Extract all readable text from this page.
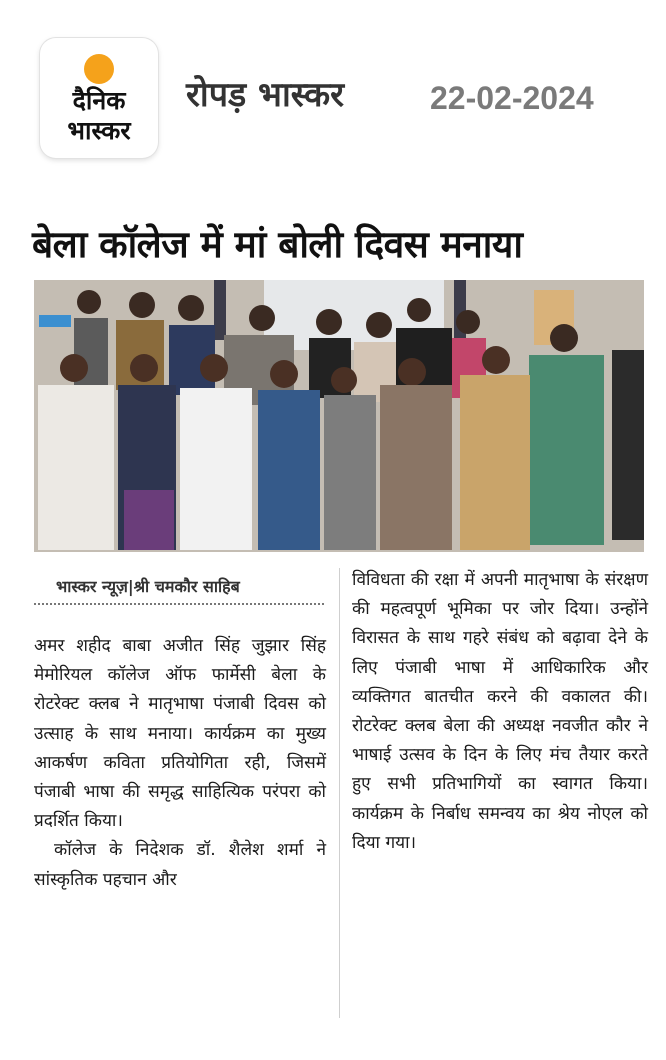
दैनिक
भास्कर
रोपड़ भास्कर	22-02-2024
बेला कॉलेज में मां बोली दिवस मनाया
भास्कर न्यूज़|श्री चमकौर साहिब

अमर शहीद बाबा अजीत सिंह जुझार सिंह मेमोरियल कॉलेज ऑफ फार्मेसी बेला के रोटरेक्ट क्लब ने मातृभाषा पंजाबी दिवस को उत्साह के साथ मनाया। कार्यक्रम का मुख्य आकर्षण कविता प्रतियोगिता रही, जिसमें पंजाबी भाषा की समृद्ध साहित्यिक परंपरा को प्रदर्शित किया।

कॉलेज के निदेशक डॉ. शैलेश शर्मा ने सांस्कृतिक पहचान और

विविधता की रक्षा में अपनी मातृभाषा के संरक्षण की महत्वपूर्ण भूमिका पर जोर दिया। उन्होंने विरासत के साथ गहरे संबंध को बढ़ावा देने के लिए पंजाबी भाषा में आधिकारिक और व्यक्तिगत बातचीत करने की वकालत की। रोटरेक्ट क्लब बेला की अध्यक्ष नवजीत कौर ने भाषाई उत्सव के दिन के लिए मंच तैयार करते हुए सभी प्रतिभागियों का स्वागत किया। कार्यक्रम के निर्बाध समन्वय का श्रेय नोएल को दिया गया।
